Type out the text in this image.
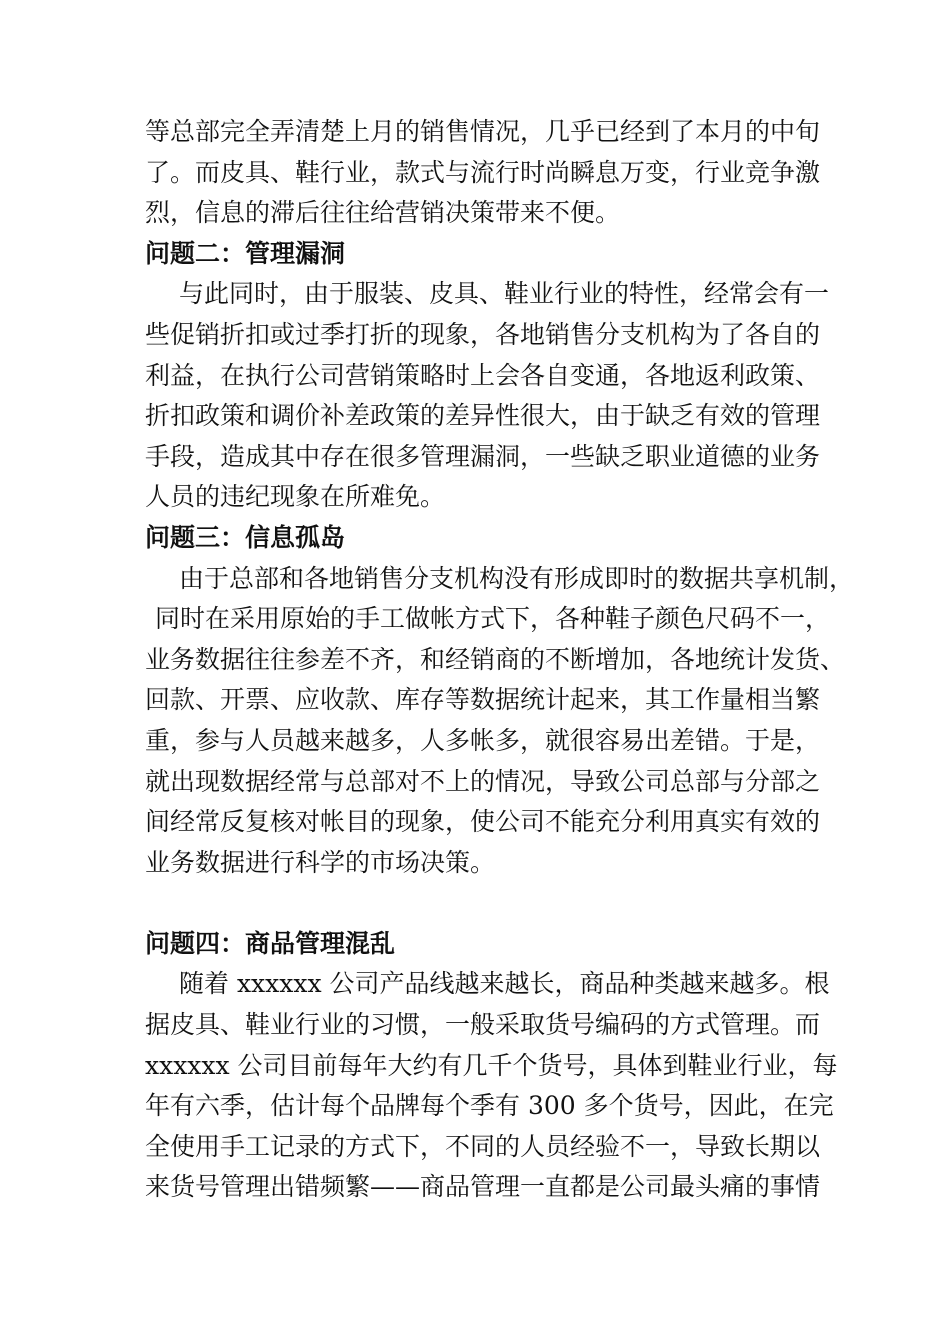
等总部完全弄清楚上月的销售情况，几乎已经到了本月的中旬
了。而皮具、鞋行业，款式与流行时尚瞬息万变，行业竞争激
烈，信息的滞后往往给营销决策带来不便。
问题二：管理漏洞
与此同时，由于服装、皮具、鞋业行业的特性，经常会有一
些促销折扣或过季打折的现象，各地销售分支机构为了各自的
利益，在执行公司营销策略时上会各自变通，各地返利政策、
折扣政策和调价补差政策的差异性很大，由于缺乏有效的管理
手段，造成其中存在很多管理漏洞，一些缺乏职业道德的业务
人员的违纪现象在所难免。
问题三：信息孤岛
由于总部和各地销售分支机构没有形成即时的数据共享机制，
同时在采用原始的手工做帐方式下，各种鞋子颜色尺码不一，
业务数据往往参差不齐，和经销商的不断增加，各地统计发货、
回款、开票、应收款、库存等数据统计起来，其工作量相当繁
重，参与人员越来越多，人多帐多，就很容易出差错。于是，
就出现数据经常与总部对不上的情况，导致公司总部与分部之
间经常反复核对帐目的现象，使公司不能充分利用真实有效的
业务数据进行科学的市场决策。
问题四：商品管理混乱
随着 xxxxxx 公司产品线越来越长，商品种类越来越多。根
据皮具、鞋业行业的习惯，一般采取货号编码的方式管理。而
xxxxxx 公司目前每年大约有几千个货号，具体到鞋业行业，每
年有六季，估计每个品牌每个季有 300 多个货号，因此，在完
全使用手工记录的方式下，不同的人员经验不一，导致长期以
来货号管理出错频繁——商品管理一直都是公司最头痛的事情
